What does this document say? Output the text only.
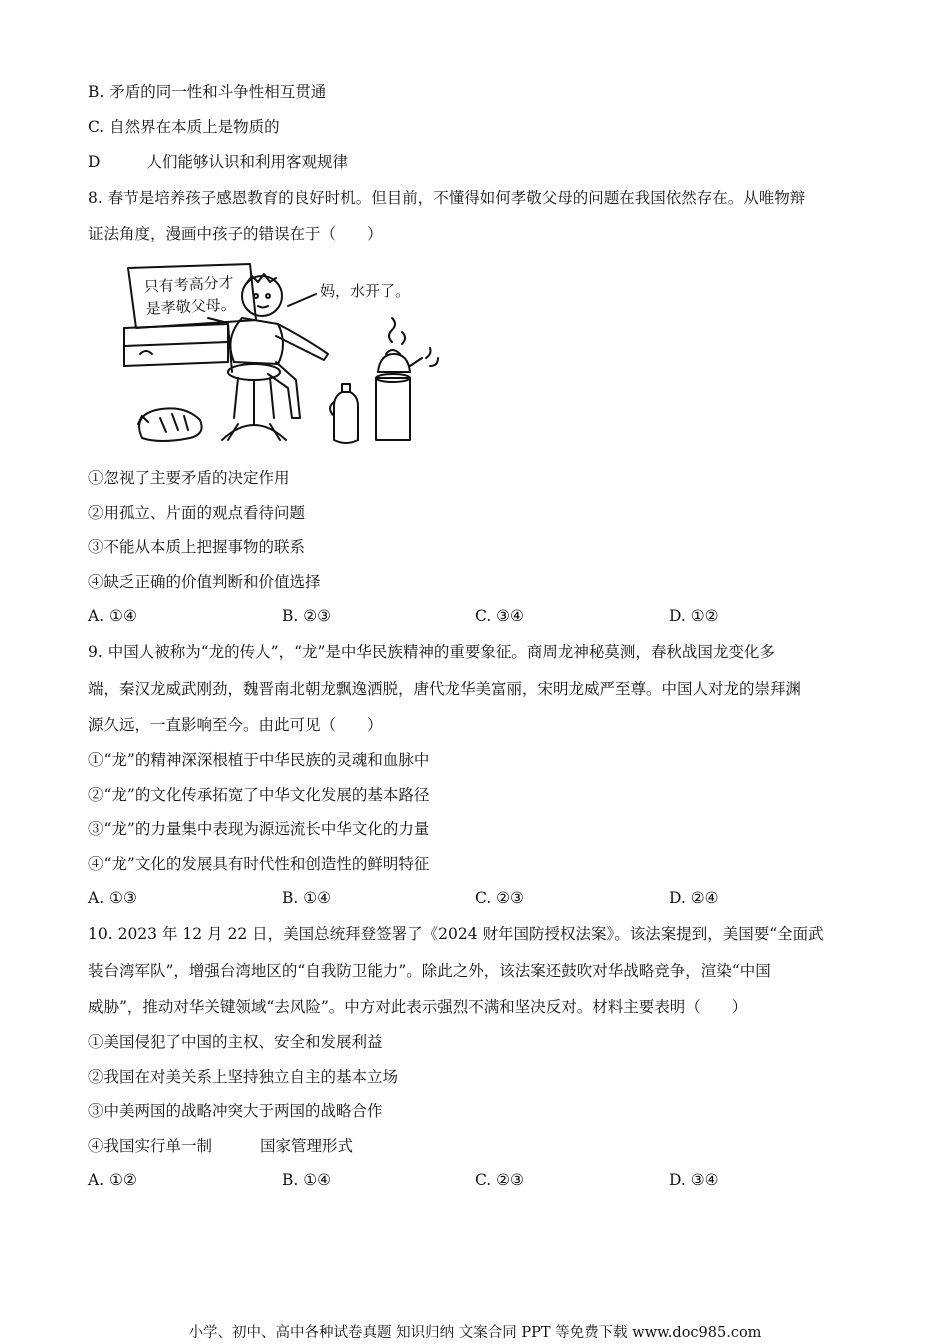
B. 矛盾的同一性和斗争性相互贯通
C. 自然界在本质上是物质的
D	人们能够认识和利用客观规律
8. 春节是培养孩子感恩教育的良好时机。但目前，不懂得如何孝敬父母的问题在我国依然存在。从唯物辩
证法角度，漫画中孩子的错误在于（　　）
只有考高分才
是孝敬父母。
妈，水开了。
①忽视了主要矛盾的决定作用
②用孤立、片面的观点看待问题
③不能从本质上把握事物的联系
④缺乏正确的价值判断和价值选择
A. ①④	B. ②③	C. ③④	D. ①②
9. 中国人被称为“龙的传人”，“龙”是中华民族精神的重要象征。商周龙神秘莫测，春秋战国龙变化多
端，秦汉龙威武刚劲，魏晋南北朝龙飘逸洒脱，唐代龙华美富丽，宋明龙威严至尊。中国人对龙的崇拜渊
源久远，一直影响至今。由此可见（　　）
①“龙”的精神深深根植于中华民族的灵魂和血脉中
②“龙”的文化传承拓宽了中华文化发展的基本路径
③“龙”的力量集中表现为源远流长中华文化的力量
④“龙”文化的发展具有时代性和创造性的鲜明特征
A. ①③	B. ①④	C. ②③	D. ②④
10. 2023 年 12 月 22 日，美国总统拜登签署了《2024 财年国防授权法案》。该法案提到，美国要“全面武
装台湾军队”，增强台湾地区的“自我防卫能力”。除此之外，该法案还鼓吹对华战略竞争，渲染“中国
威胁”，推动对华关键领域“去风险”。中方对此表示强烈不满和坚决反对。材料主要表明（　　）
①美国侵犯了中国的主权、安全和发展利益
②我国在对美关系上坚持独立自主的基本立场
③中美两国的战略冲突大于两国的战略合作
④我国实行单一制	国家管理形式
A. ①②	B. ①④	C. ②③	D. ③④
小学、初中、高中各种试卷真题 知识归纳 文案合同 PPT 等免费下载 www.doc985.com
